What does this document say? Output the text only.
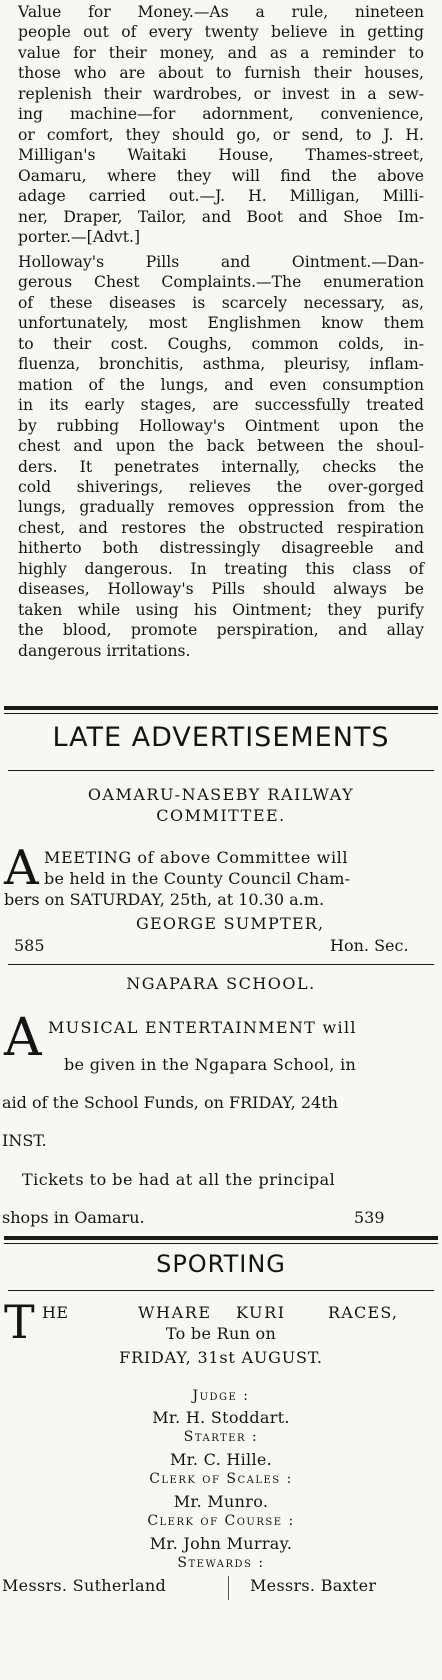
Value for Money.—As a rule, nineteen
people out of every twenty believe in getting
value for their money, and as a reminder to
those who are about to furnish their houses,
replenish their wardrobes, or invest in a sew-
ing machine—for adornment, convenience,
or comfort, they should go, or send, to J. H.
Milligan's Waitaki House, Thames-street,
Oamaru, where they will find the above
adage carried out.—J. H. Milligan, Milli-
ner, Draper, Tailor, and Boot and Shoe Im-
porter.—[Advt.]
Holloway's Pills and Ointment.—Dan-
gerous Chest Complaints.—The enumeration
of these diseases is scarcely necessary, as,
unfortunately, most Englishmen know them
to their cost. Coughs, common colds, in-
fluenza, bronchitis, asthma, pleurisy, inflam-
mation of the lungs, and even consumption
in its early stages, are successfully treated
by rubbing Holloway's Ointment upon the
chest and upon the back between the shoul-
ders. It penetrates internally, checks the
cold shiverings, relieves the over-gorged
lungs, gradually removes oppression from the
chest, and restores the obstructed respiration
hitherto both distressingly disagreeble and
highly dangerous. In treating this class of
diseases, Holloway's Pills should always be
taken while using his Ointment; they purify
the blood, promote perspiration, and allay
dangerous irritations.
LATE ADVERTISEMENTS
OAMARU-NASEBY RAILWAY
COMMITTEE.
A MEETING of above Committee will
be held in the County Council Cham-
bers on SATURDAY, 25th, at 10.30 a.m.
GEORGE SUMPTER,
585	Hon. Sec.
NGAPARA SCHOOL.
A MUSICAL ENTERTAINMENT will
be given in the Ngapara School, in
aid of the School Funds, on FRIDAY, 24th
INST.
Tickets to be had at all the principal
shops in Oamaru.	539
SPORTING
T HE	WHARE KURI	RACES,
To be Run on
FRIDAY, 31st AUGUST.
Judge :
Mr. H. Stoddart.
Starter :
Mr. C. Hille.
Clerk of Scales :
Mr. Munro.
Clerk of Course :
Mr. John Murray.
Stewards :
Messrs. Sutherland	Messrs. Baxter
